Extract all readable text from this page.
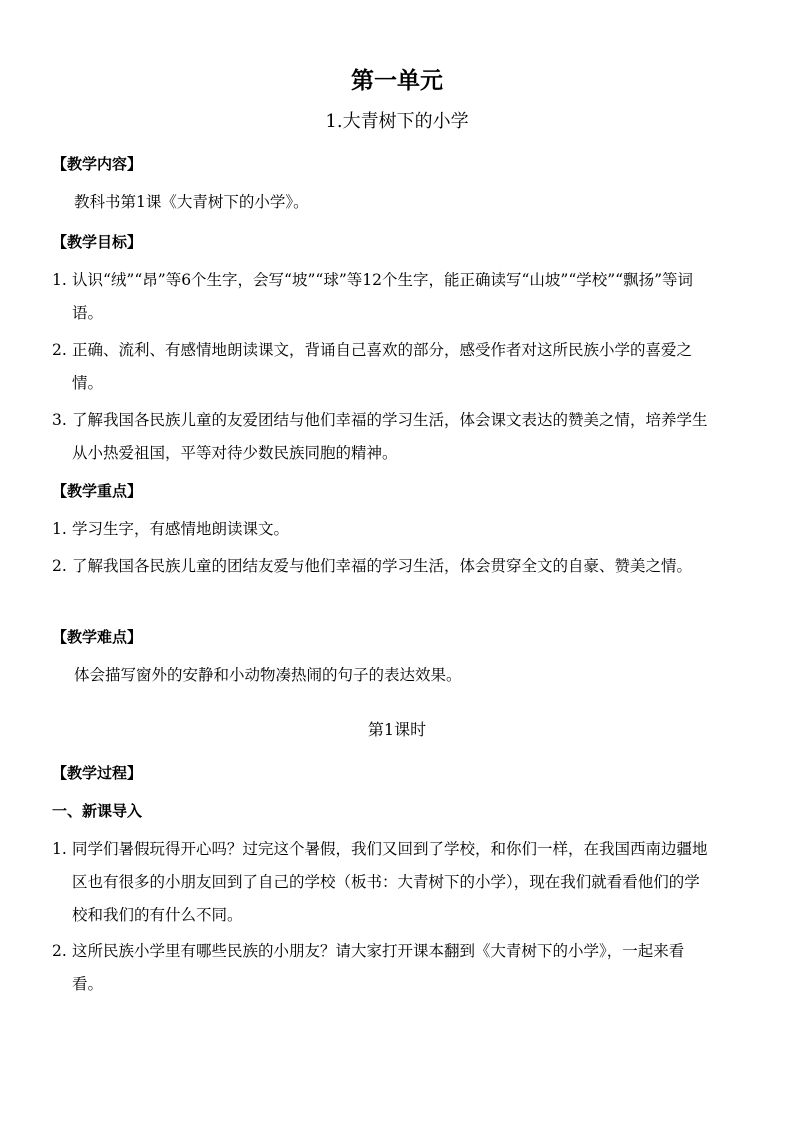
第一单元
1.大青树下的小学
【教学内容】
教科书第1课《大青树下的小学》。
【教学目标】
1. 认识“绒”“昂”等6个生字，会写“坡”“球”等12个生字，能正确读写“山坡”“学校”“飘扬”等词语。
2. 正确、流利、有感情地朗读课文，背诵自己喜欢的部分，感受作者对这所民族小学的喜爱之情。
3. 了解我国各民族儿童的友爱团结与他们幸福的学习生活，体会课文表达的赞美之情，培养学生从小热爱祖国，平等对待少数民族同胞的精神。
【教学重点】
1. 学习生字，有感情地朗读课文。
2. 了解我国各民族儿童的团结友爱与他们幸福的学习生活，体会贯穿全文的自豪、赞美之情。
【教学难点】
体会描写窗外的安静和小动物凑热闹的句子的表达效果。
第1课时
【教学过程】
一、新课导入
1. 同学们暑假玩得开心吗？过完这个暑假，我们又回到了学校，和你们一样，在我国西南边疆地区也有很多的小朋友回到了自己的学校（板书：大青树下的小学），现在我们就看看他们的学校和我们的有什么不同。
2. 这所民族小学里有哪些民族的小朋友？请大家打开课本翻到《大青树下的小学》，一起来看看。
